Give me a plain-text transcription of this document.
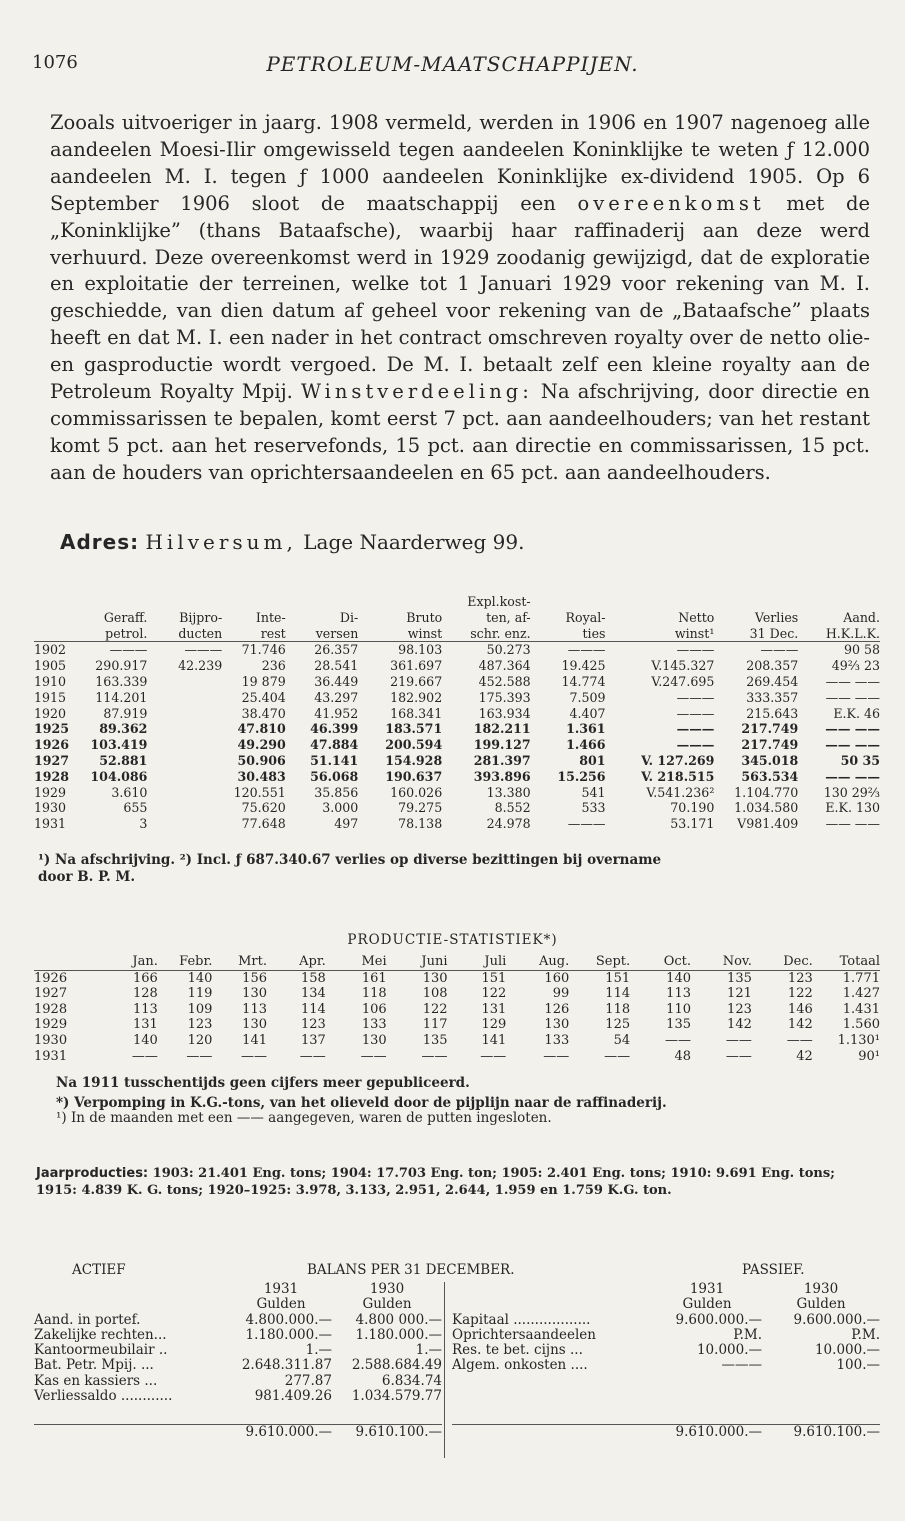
1076	PETROLEUM-MAATSCHAPPIJEN.

Zooals uitvoeriger in jaarg. 1908 vermeld, werden in 1906 en 1907 nagenoeg alle aandeelen Moesi-Ilir omgewisseld tegen aandeelen Koninklijke te weten ƒ 12.000 aandeelen M. I. tegen ƒ 1000 aandeelen Koninklijke ex-dividend 1905. Op 6 September 1906 sloot de maatschappij een overeenkomst met de „Koninklijke” (thans Bataafsche), waarbij haar raffinaderij aan deze werd verhuurd. Deze overeenkomst werd in 1929 zoodanig gewijzigd, dat de exploratie en exploitatie der terreinen, welke tot 1 Januari 1929 voor rekening van M. I. geschiedde, van dien datum af geheel voor rekening van de „Bataafsche” plaats heeft en dat M. I. een nader in het contract omschreven royalty over de netto olie- en gasproductie wordt vergoed. De M. I. betaalt zelf een kleine royalty aan de Petroleum Royalty Mpij. Winstverdeeling: Na afschrijving, door directie en commissarissen te bepalen, komt eerst 7 pct. aan aandeelhouders; van het restant komt 5 pct. aan het reservefonds, 15 pct. aan directie en commissarissen, 15 pct. aan de houders van oprichtersaandeelen en 65 pct. aan aandeelhouders.

Adres: Hilversum, Lage Naarderweg 99.
						Expl.kost-				
	Geraff.	Bijpro-	Inte-	Di-	Bruto	ten, af-	Royal-	Netto	Verlies	Aand.
	petrol.	ducten	rest	versen	winst	schr. enz.	ties	winst¹	31 Dec.	H.K.L.K.
1902	———	———	71.746	26.357	98.103	50.273	———	———	———	90 58
1905	290.917	42.239	236	28.541	361.697	487.364	19.425	V.145.327	208.357	49⅔ 23
1910	163.339		19 879	36.449	219.667	452.588	14.774	V.247.695	269.454	—— ——
1915	114.201		25.404	43.297	182.902	175.393	7.509	———	333.357	—— ——
1920	87.919		38.470	41.952	168.341	163.934	4.407	———	215.643	E.K. 46
1925	89.362		47.810	46.399	183.571	182.211	1.361	———	217.749	—— ——
1926	103.419		49.290	47.884	200.594	199.127	1.466	———	217.749	—— ——
1927	52.881		50.906	51.141	154.928	281.397	801	V. 127.269	345.018	50 35
1928	104.086		30.483	56.068	190.637	393.896	15.256	V. 218.515	563.534	—— ——
1929	3.610		120.551	35.856	160.026	13.380	541	V.541.236²	1.104.770	130 29⅔
1930	655		75.620	3.000	79.275	8.552	533	70.190	1.034.580	E.K. 130
1931	3		77.648	497	78.138	24.978	———	53.171	V981.409	—— ——

¹) Na afschrijving. ²) Incl. ƒ 687.340.67 verlies op diverse bezittingen bij overname

door B. P. M.

PRODUCTIE-STATISTIEK*)
	Jan.	Febr.	Mrt.	Apr.	Mei	Juni	Juli	Aug.	Sept.	Oct.	Nov.	Dec.	Totaal
1926	166	140	156	158	161	130	151	160	151	140	135	123	1.771
1927	128	119	130	134	118	108	122	99	114	113	121	122	1.427
1928	113	109	113	114	106	122	131	126	118	110	123	146	1.431
1929	131	123	130	123	133	117	129	130	125	135	142	142	1.560
1930	140	120	141	137	130	135	141	133	54	——	——	——	1.130¹
1931	——	——	——	——	——	——	——	——	——	48	——	42	90¹

Na 1911 tusschentijds geen cijfers meer gepubliceerd.

*) Verpomping in K.G.-tons, van het olieveld door de pijplijn naar de raffinaderij.

¹) In de maanden met een —— aangegeven, waren de putten ingesloten.

Jaarproducties: 1903: 21.401 Eng. tons; 1904: 17.703 Eng. ton; 1905: 2.401 Eng. tons; 1910: 9.691 Eng. tons; 1915: 4.839 K. G. tons; 1920–1925: 3.978, 3.133, 2.951, 2.644, 1.959 en 1.759 K.G. ton.
ACTIEF	BALANS PER 31 DECEMBER.	PASSIEF.
	1931	1930
	Gulden	Gulden
Aand. in portef.	4.800.000.—	4.800 000.—
Zakelijke rechten...	1.180.000.—	1.180.000.—
Kantoormeubilair ..	1.—	1.—
Bat. Petr. Mpij. ...	2.648.311.87	2.588.684.49
Kas en kassiers ...	277.87	6.834.74
Verliessaldo ............	981.409.26	1.034.579.77

	9.610.000.—	9.610.100.—
	1931	1930
	Gulden	Gulden
Kapitaal ..................	9.600.000.—	9.600.000.—
Oprichtersaandeelen	P.M.	P.M.
Res. te bet. cijns ...	10.000.—	10.000.—
Algem. onkosten ....	———	100.—

	9.610.000.—	9.610.100.—
